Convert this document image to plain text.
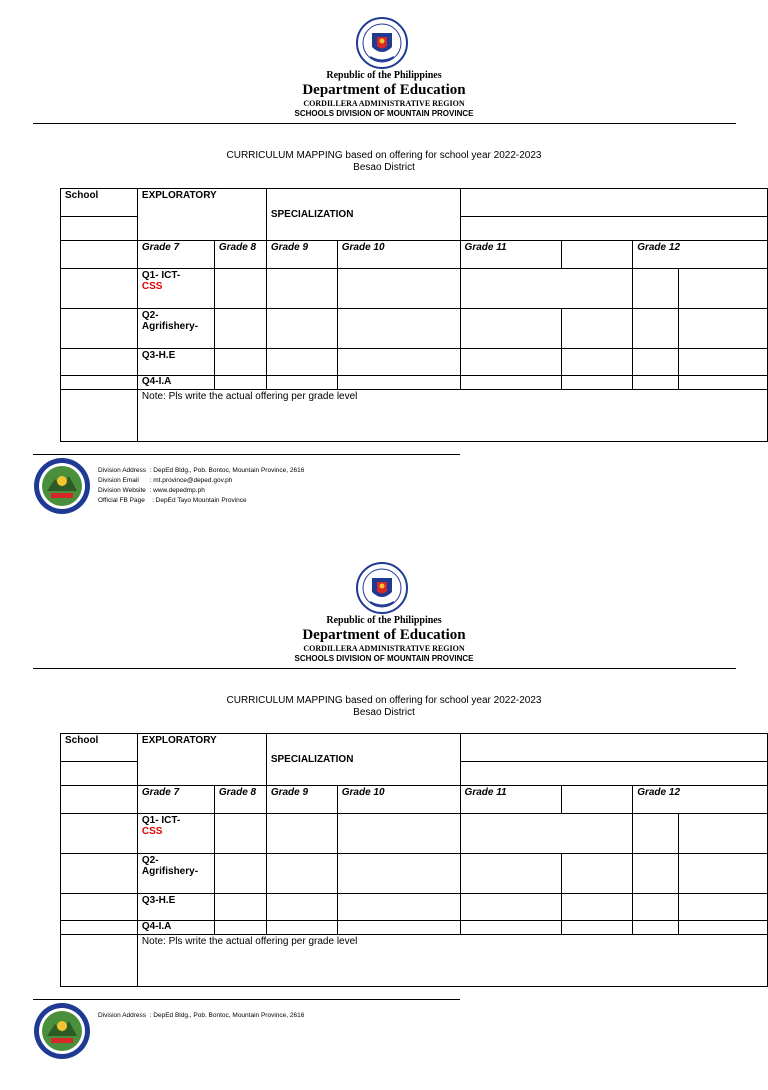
Republic of the Philippines
Department of Education
CORDILLERA ADMINISTRATIVE REGION
SCHOOLS DIVISION OF MOUNTAIN PROVINCE
CURRICULUM MAPPING based on offering for school year 2022-2023
Besao District
School	EXPLORATORY		SPECIALIZATION					

	Grade 7	Grade 8	Grade 9	Grade 10	Grade 11		Grade 12	
	Q1- ICT-
CSS							
	Q2-
Agrifishery-							
	Q3-H.E							
	Q4-I.A							
	Note: Pls write the actual offering per grade level							
Division Address  : DepEd Bldg., Pob. Bontoc, Mountain Province, 2616
Division Email      : mt.province@deped.gov.ph
Division Website  : www.depedmp.ph
Official FB Page    : DepEd Tayo Mountain Province
Republic of the Philippines
Department of Education
CORDILLERA ADMINISTRATIVE REGION
SCHOOLS DIVISION OF MOUNTAIN PROVINCE
CURRICULUM MAPPING based on offering for school year 2022-2023
Besao District
School	EXPLORATORY		SPECIALIZATION					

	Grade 7	Grade 8	Grade 9	Grade 10	Grade 11		Grade 12	
	Q1- ICT-
CSS							
	Q2-
Agrifishery-							
	Q3-H.E							
	Q4-I.A							
	Note: Pls write the actual offering per grade level							
Division Address  : DepEd Bldg., Pob. Bontoc, Mountain Province, 2616
